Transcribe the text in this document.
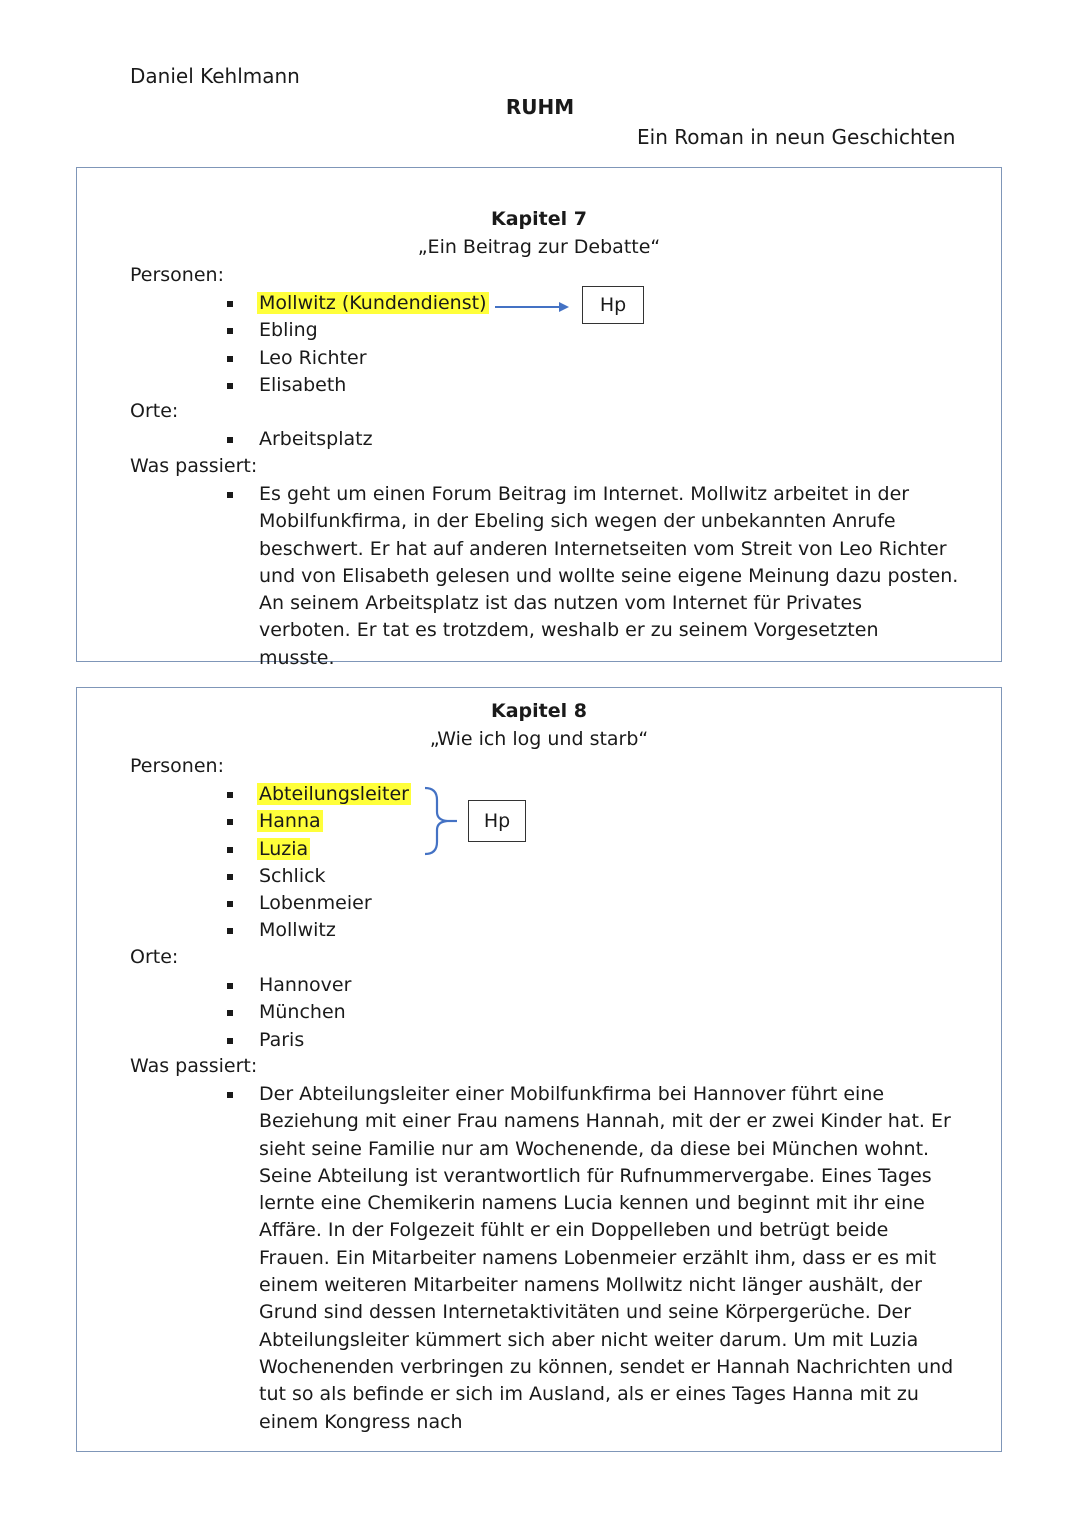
Daniel Kehlmann
RUHM
Ein Roman in neun Geschichten
Kapitel 7
„Ein Beitrag zur Debatte“
Personen:
Mollwitz (Kundendienst)
Ebling
Leo Richter
Elisabeth
Hp
Orte:
Arbeitsplatz
Was passiert:

Es geht um einen Forum Beitrag im Internet. Mollwitz arbeitet in der Mobilfunkfirma, in der Ebeling sich wegen der unbekannten Anrufe beschwert. Er hat auf anderen Internetseiten vom Streit von Leo Richter und von Elisabeth gelesen und wollte seine eigene Meinung dazu posten. An seinem Arbeitsplatz ist das nutzen vom Internet für Privates verboten. Er tat es trotzdem, weshalb er zu seinem Vorgesetzten musste.

Kapitel 8
„Wie ich log und starb“
Personen:
Abteilungsleiter
Hanna
Luzia
Schlick
Lobenmeier
Mollwitz
Hp
Orte:
Hannover
München
Paris
Was passiert:

Der Abteilungsleiter einer Mobilfunkfirma bei Hannover führt eine Beziehung mit einer Frau namens Hannah, mit der er zwei Kinder hat. Er sieht seine Familie nur am Wochenende, da diese bei München wohnt. Seine Abteilung ist verantwortlich für Rufnummervergabe. Eines Tages lernte eine Chemikerin namens Lucia kennen und beginnt mit ihr eine Affäre. In der Folgezeit fühlt er ein Doppelleben und betrügt beide Frauen. Ein Mitarbeiter namens Lobenmeier erzählt ihm, dass er es mit einem weiteren Mitarbeiter namens Mollwitz nicht länger aushält, der Grund sind dessen Internetaktivitäten und seine Körpergerüche. Der Abteilungsleiter kümmert sich aber nicht weiter darum. Um mit Luzia Wochenenden verbringen zu können, sendet er Hannah Nachrichten und tut so als befinde er sich im Ausland, als er eines Tages Hanna mit zu einem Kongress nach
